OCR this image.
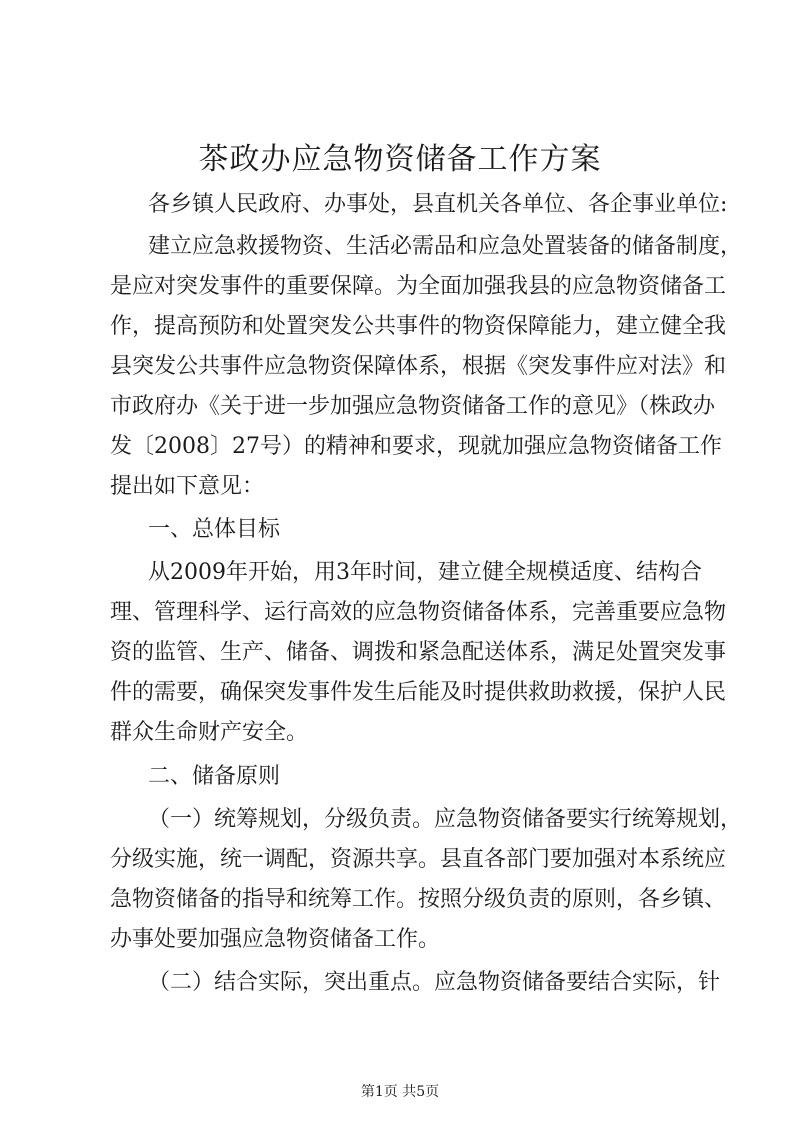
茶政办应急物资储备工作方案
各乡镇人民政府、办事处，县直机关各单位、各企事业单位:
建立应急救援物资、生活必需品和应急处置装备的储备制度，
是应对突发事件的重要保障。为全面加强我县的应急物资储备工
作，提高预防和处置突发公共事件的物资保障能力，建立健全我
县突发公共事件应急物资保障体系，根据《突发事件应对法》和
市政府办《关于进一步加强应急物资储备工作的意见》（株政办
发〔2008〕27号）的精神和要求，现就加强应急物资储备工作
提出如下意见：
一、总体目标
从2009年开始，用3年时间，建立健全规模适度、结构合
理、管理科学、运行高效的应急物资储备体系，完善重要应急物
资的监管、生产、储备、调拨和紧急配送体系，满足处置突发事
件的需要，确保突发事件发生后能及时提供救助救援，保护人民
群众生命财产安全。
二、储备原则
（一）统筹规划，分级负责。应急物资储备要实行统筹规划，
分级实施，统一调配，资源共享。县直各部门要加强对本系统应
急物资储备的指导和统筹工作。按照分级负责的原则，各乡镇、
办事处要加强应急物资储备工作。
（二）结合实际，突出重点。应急物资储备要结合实际，针
第1页 共5页
